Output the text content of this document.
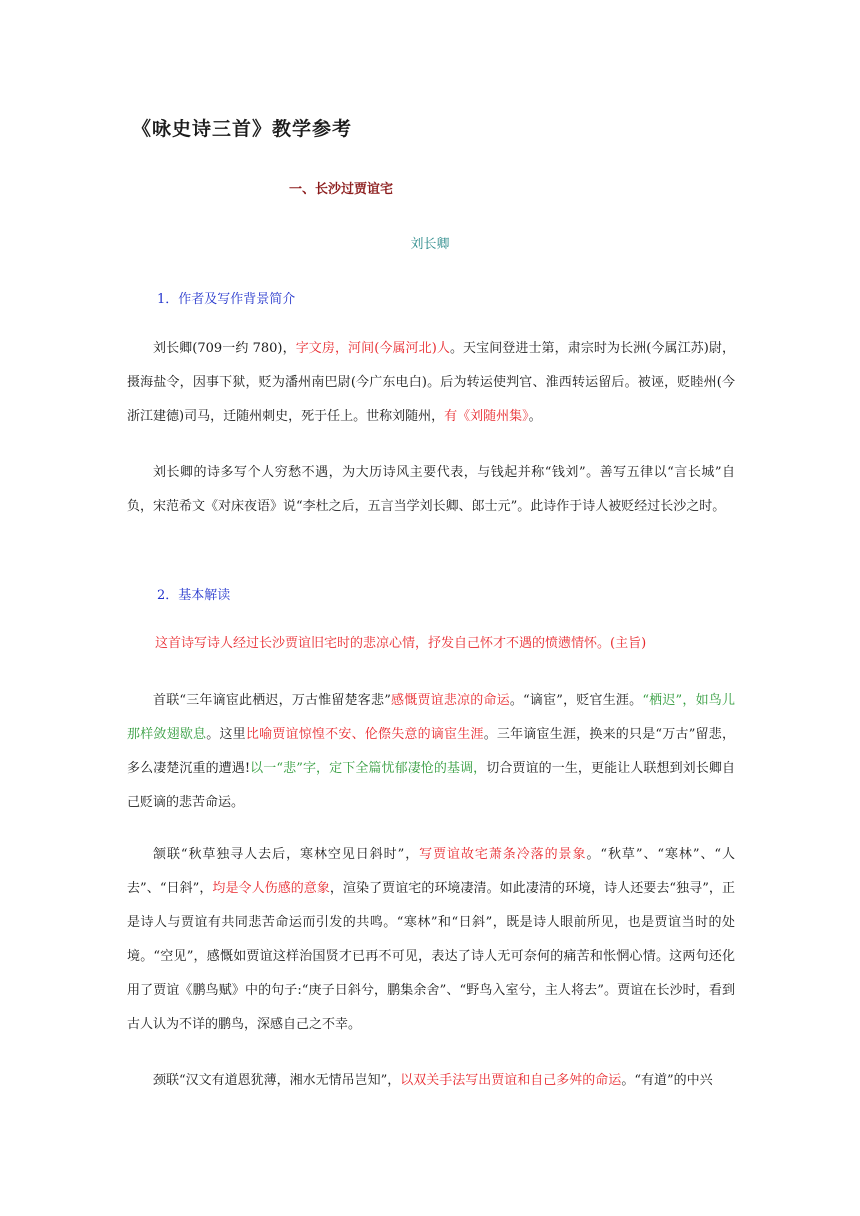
《咏史诗三首》教学参考
一、长沙过贾谊宅
刘长卿
1．作者及写作背景简介

刘长卿(709一约 780)，字文房，河间(今属河北)人。天宝间登进士第，肃宗时为长洲(今属江苏)尉，摄海盐令，因事下狱，贬为潘州南巴尉(今广东电白)。后为转运使判官、淮西转运留后。被诬，贬睦州(今浙江建德)司马，迁随州刺史，死于任上。世称刘随州，有《刘随州集》。

刘长卿的诗多写个人穷愁不遇，为大历诗风主要代表，与钱起并称“钱刘”。善写五律以“言长城”自负，宋范希文《对床夜语》说“李杜之后，五言当学刘长卿、郎士元”。此诗作于诗人被贬经过长沙之时。

2．基本解读
这首诗写诗人经过长沙贾谊旧宅时的悲凉心情，抒发自己怀才不遇的愤懑情怀。(主旨)

首联“三年谪宦此栖迟，万古惟留楚客悲”感慨贾谊悲凉的命运。“谪宦”，贬官生涯。“栖迟”，如鸟儿那样敛翅歇息。这里比喻贾谊惊惶不安、伦傺失意的谪宦生涯。三年谪宦生涯，换来的只是“万古”留悲，多么凄楚沉重的遭遇!以一“悲”字，定下全篇忧郁凄怆的基调，切合贾谊的一生，更能让人联想到刘长卿自己贬谪的悲苦命运。

颔联“秋草独寻人去后，寒林空见日斜时”，写贾谊故宅萧条冷落的景象。“秋草”、“寒林”、“人去”、“日斜”，均是令人伤感的意象，渲染了贾谊宅的环境凄清。如此凄清的环境，诗人还要去“独寻”，正是诗人与贾谊有共同悲苦命运而引发的共鸣。“寒林”和“日斜”，既是诗人眼前所见，也是贾谊当时的处境。“空见”，感慨如贾谊这样治国贤才已再不可见，表达了诗人无可奈何的痛苦和怅惘心情。这两句还化用了贾谊《鹏鸟赋》中的句子:“庚子日斜兮，鹏集余舍”、“野鸟入室兮，主人将去”。贾谊在长沙时，看到古人认为不详的鹏鸟，深感自己之不幸。

颈联“汉文有道恩犹薄，湘水无情吊岂知”，以双关手法写出贾谊和自己多舛的命运。“有道”的中兴
